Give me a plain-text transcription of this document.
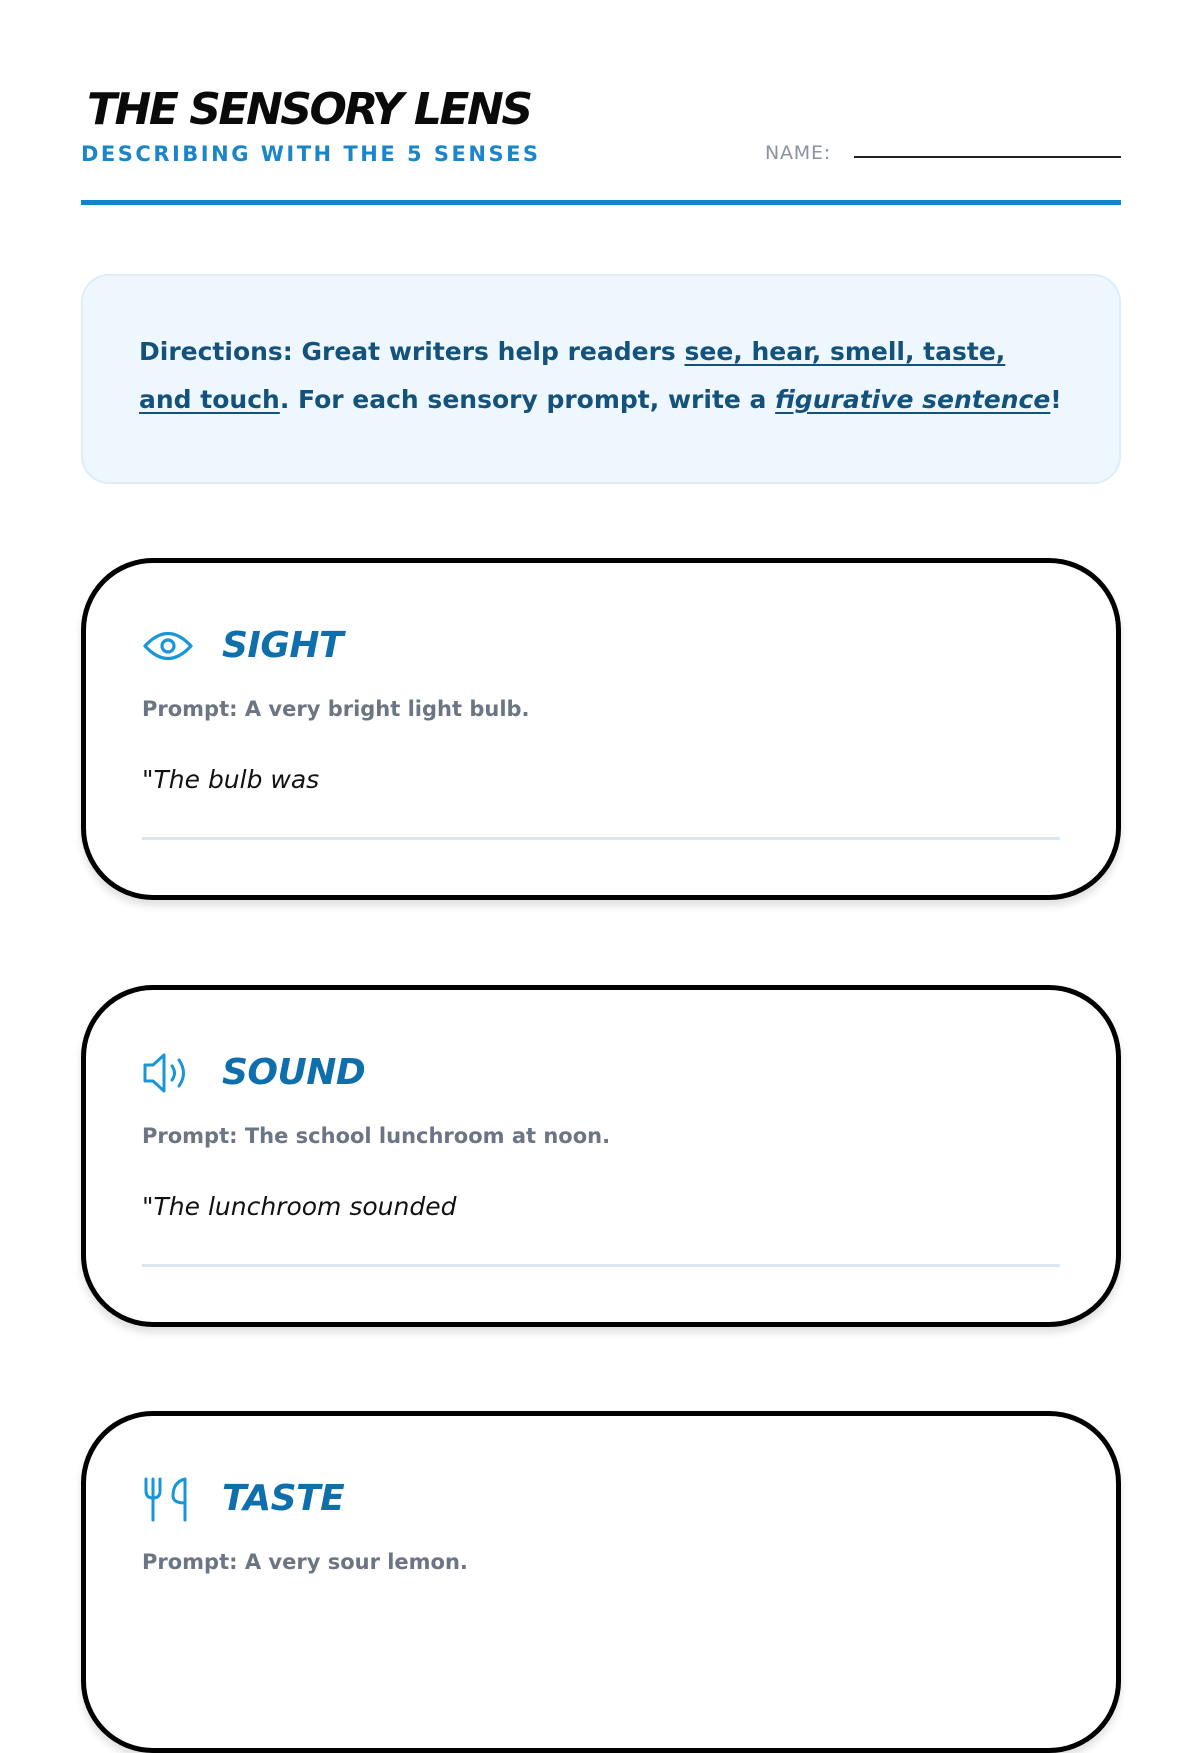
THE SENSORY LENS
DESCRIBING WITH THE 5 SENSES	NAME:
Directions: Great writers help readers see, hear, smell, taste, and touch. For each sensory prompt, write a figurative sentence!
SIGHT
Prompt: A very bright light bulb.
"The bulb was
SOUND
Prompt: The school lunchroom at noon.
"The lunchroom sounded
TASTE
Prompt: A very sour lemon.
